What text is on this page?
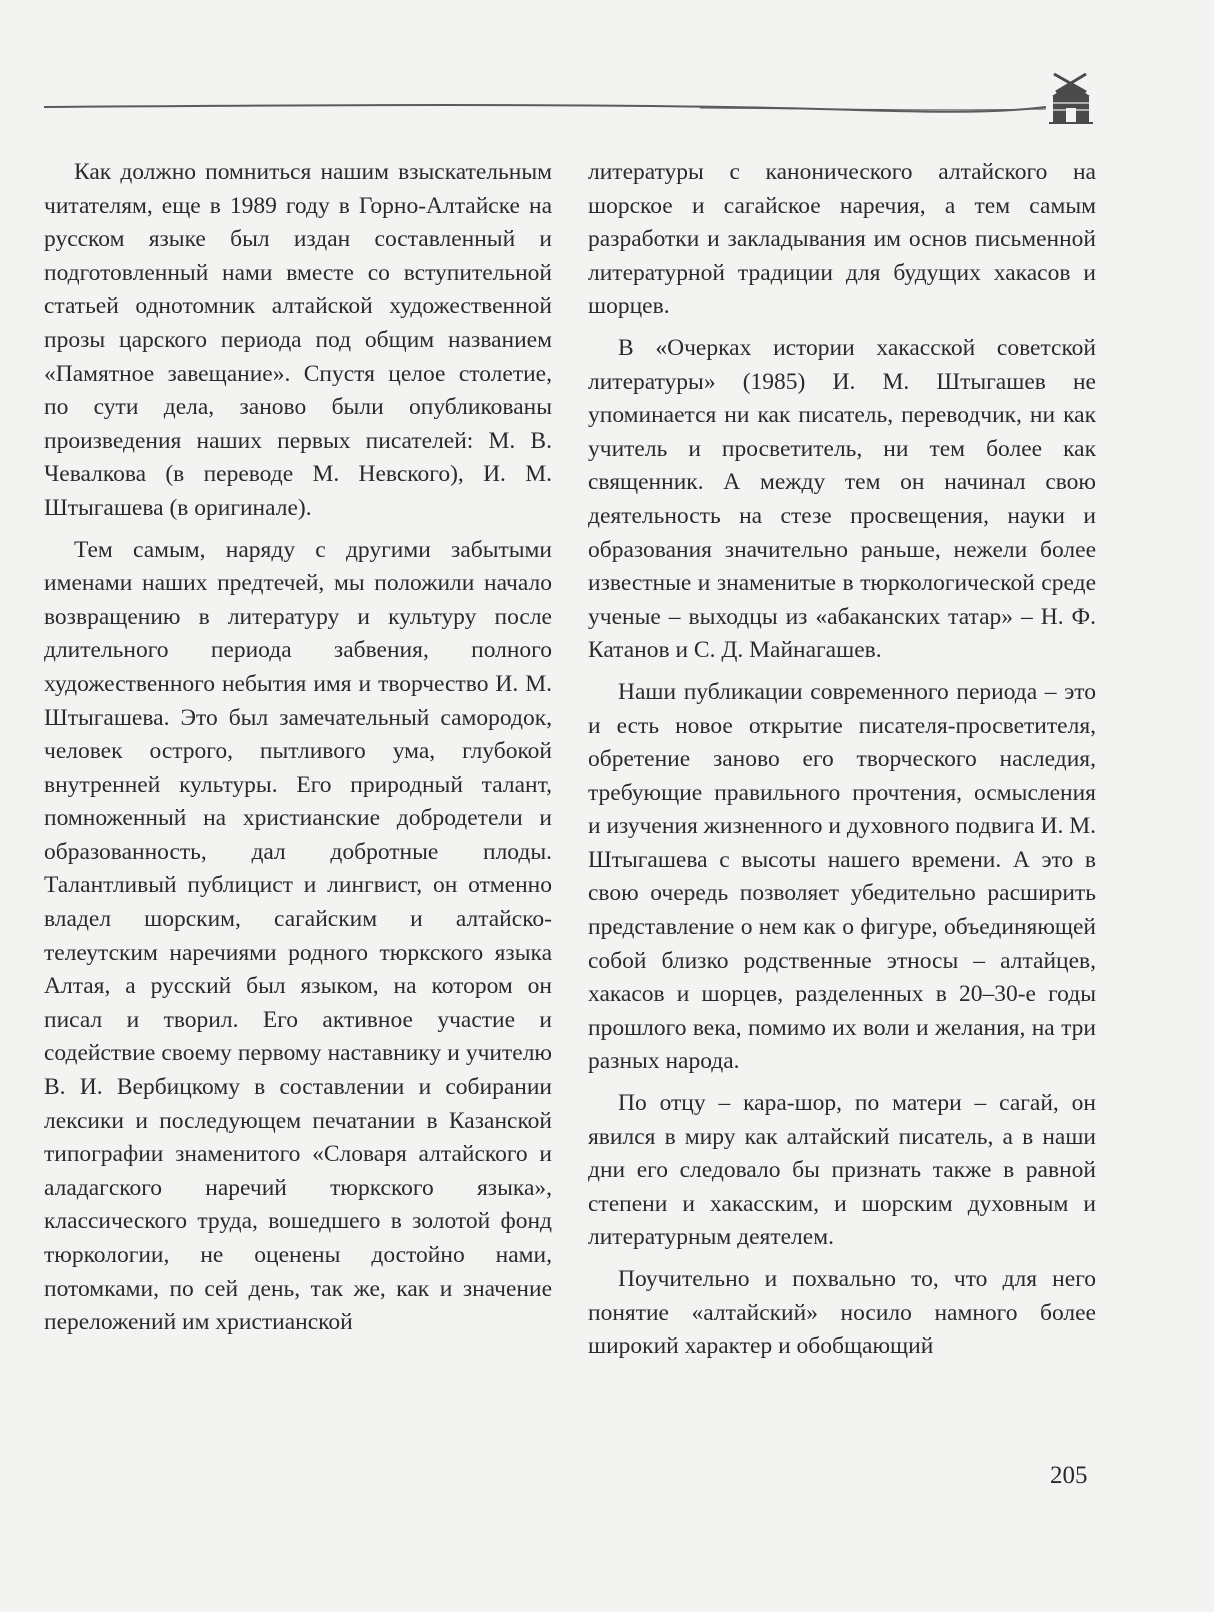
Как должно помниться нашим взыскательным читателям, еще в 1989 году в Горно-Алтайске на русском языке был издан составленный и подготовленный нами вместе со вступительной статьей однотомник алтайской художественной прозы царского периода под общим названием «Памятное завещание». Спустя целое столетие, по сути дела, заново были опубликованы произведения наших первых писателей: М. В. Чевалкова (в переводе М. Невского), И. М. Штыгашева (в оригинале).

Тем самым, наряду с другими забытыми именами наших предтечей, мы положили начало возвращению в литературу и культуру после длительного периода забвения, полного художественного небытия имя и творчество И. М. Штыгашева. Это был замечательный самородок, человек острого, пытливого ума, глубокой внутренней культуры. Его природный талант, помноженный на христианские добродетели и образованность, дал добротные плоды. Талантливый публицист и лингвист, он отменно владел шорским, сагайским и алтайско-телеутским наречиями родного тюркского языка Алтая, а русский был языком, на котором он писал и творил. Его активное участие и содействие своему первому наставнику и учителю В. И. Вербицкому в составлении и собирании лексики и последующем печатании в Казанской типографии знаменитого «Словаря алтайского и аладагского наречий тюркского языка», классического труда, вошедшего в золотой фонд тюркологии, не оценены достойно нами, потомками, по сей день, так же, как и значение переложений им христианской

литературы с канонического алтайского на шорское и сагайское наречия, а тем самым разработки и закладывания им основ письменной литературной традиции для будущих хакасов и шорцев.

В «Очерках истории хакасской советской литературы» (1985) И. М. Штыгашев не упоминается ни как писатель, переводчик, ни как учитель и просветитель, ни тем более как священник. А между тем он начинал свою деятельность на стезе просвещения, науки и образования значительно раньше, нежели более известные и знаменитые в тюркологической среде ученые – выходцы из «абаканских татар» – Н. Ф. Катанов и С. Д. Майнагашев.

Наши публикации современного периода – это и есть новое открытие писателя-просветителя, обретение заново его творческого наследия, требующие правильного прочтения, осмысления и изучения жизненного и духовного подвига И. М. Штыгашева с высоты нашего времени. А это в свою очередь позволяет убедительно расширить представление о нем как о фигуре, объединяющей собой близко родственные этносы – алтайцев, хакасов и шорцев, разделенных в 20–30-е годы прошлого века, помимо их воли и желания, на три разных народа.

По отцу – кара-шор, по матери – сагай, он явился в миру как алтайский писатель, а в наши дни его следовало бы признать также в равной степени и хакасским, и шорским духовным и литературным деятелем.

Поучительно и похвально то, что для него понятие «алтайский» носило намного более широкий характер и обобщающий

205
